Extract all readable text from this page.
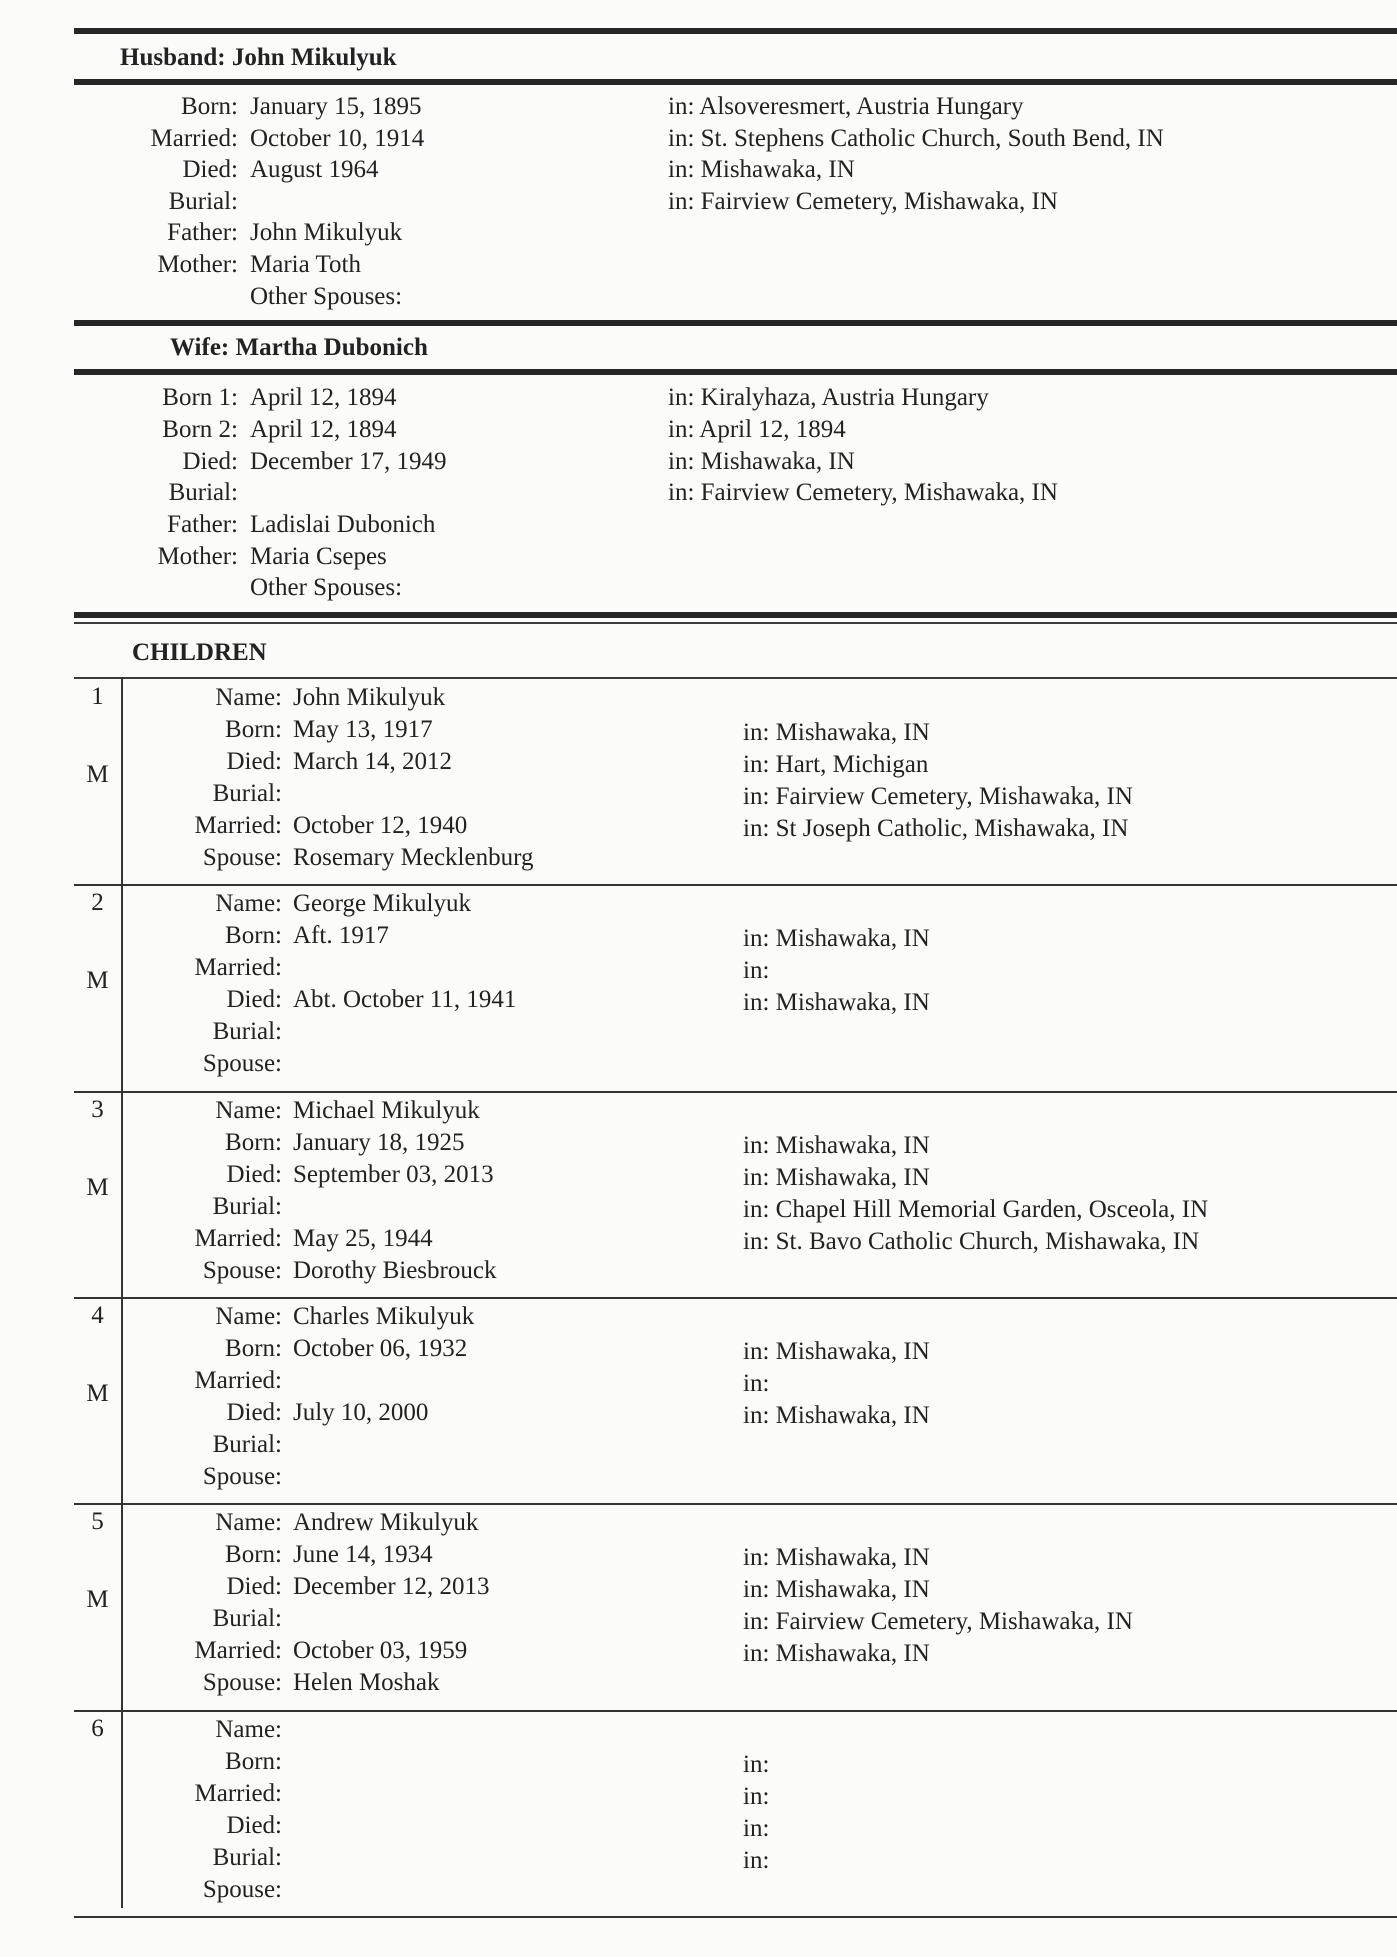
Husband: John Mikulyuk
Born: January 15, 1895	in: Alsoveresmert, Austria Hungary
Married: October 10, 1914	in: St. Stephens Catholic Church, South Bend, IN
Died: August 1964	in: Mishawaka, IN
Burial:	in: Fairview Cemetery, Mishawaka, IN
Father: John Mikulyuk
Mother: Maria Toth
Other Spouses:
Wife: Martha Dubonich
Born 1: April 12, 1894	in: Kiralyhaza, Austria Hungary
Born 2: April 12, 1894	in: April 12, 1894
Died: December 17, 1949	in: Mishawaka, IN
Burial:	in: Fairview Cemetery, Mishawaka, IN
Father: Ladislai Dubonich
Mother: Maria Csepes
Other Spouses:
CHILDREN
1
M
Name: John Mikulyuk
Born: May 13, 1917	in: Mishawaka, IN
Died: March 14, 2012	in: Hart, Michigan
Burial:	in: Fairview Cemetery, Mishawaka, IN
Married: October 12, 1940	in: St Joseph Catholic, Mishawaka, IN
Spouse: Rosemary Mecklenburg
2
M
Name: George Mikulyuk
Born: Aft. 1917	in: Mishawaka, IN
Married:	in:
Died: Abt. October 11, 1941	in: Mishawaka, IN
Burial:
Spouse:
3
M
Name: Michael Mikulyuk
Born: January 18, 1925	in: Mishawaka, IN
Died: September 03, 2013	in: Mishawaka, IN
Burial:	in: Chapel Hill Memorial Garden, Osceola, IN
Married: May 25, 1944	in: St. Bavo Catholic Church, Mishawaka, IN
Spouse: Dorothy Biesbrouck
4
M
Name: Charles Mikulyuk
Born: October 06, 1932	in: Mishawaka, IN
Married:	in:
Died: July 10, 2000	in: Mishawaka, IN
Burial:
Spouse:
5
M
Name: Andrew Mikulyuk
Born: June 14, 1934	in: Mishawaka, IN
Died: December 12, 2013	in: Mishawaka, IN
Burial:	in: Fairview Cemetery, Mishawaka, IN
Married: October 03, 1959	in: Mishawaka, IN
Spouse: Helen Moshak
6	Name:
Born:	in:
Married:	in:
Died:	in:
Burial:	in:
Spouse:
